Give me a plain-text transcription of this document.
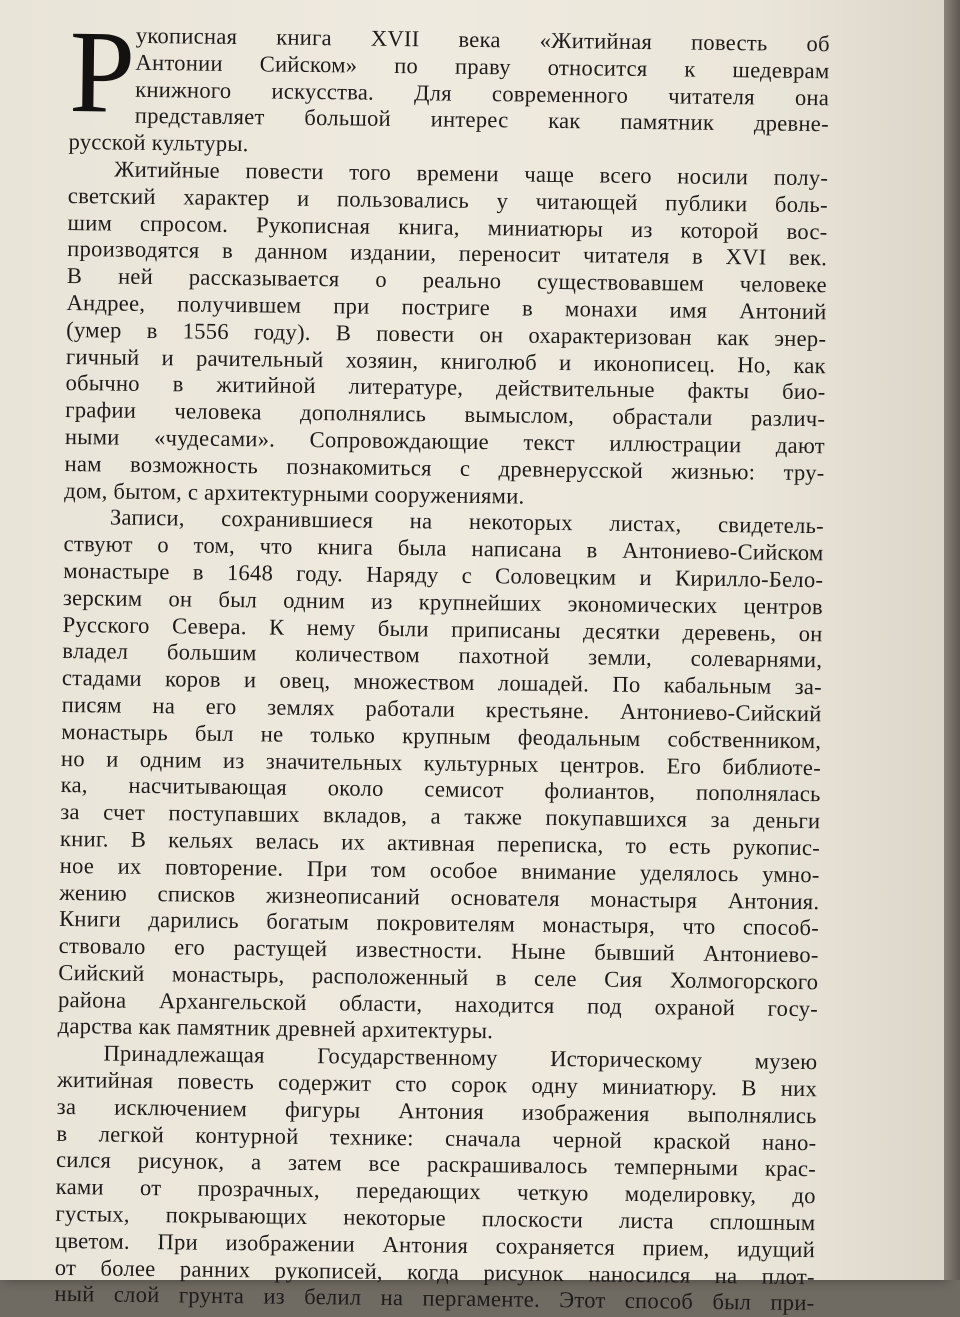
Р укописная книга XVII века «Житийная повесть об
Антонии Сийском» по праву относится к шедеврам
книжного искусства. Для современного читателя она
представляет большой интерес как памятник древне-
русской культуры.
Житийные повести того времени чаще всего носили полу-
светский характер и пользовались у читающей публики боль-
шим спросом. Рукописная книга, миниатюры из которой вос-
производятся в данном издании, переносит читателя в XVI век.
В ней рассказывается о реально существовавшем человеке
Андрее, получившем при постриге в монахи имя Антоний
(умер в 1556 году). В повести он охарактеризован как энер-
гичный и рачительный хозяин, книголюб и иконописец. Но, как
обычно в житийной литературе, действительные факты био-
графии человека дополнялись вымыслом, обрастали различ-
ными «чудесами». Сопровождающие текст иллюстрации дают
нам возможность познакомиться с древнерусской жизнью: тру-
дом, бытом, с архитектурными сооружениями.
Записи, сохранившиеся на некоторых листах, свидетель-
ствуют о том, что книга была написана в Антониево-Сийском
монастыре в 1648 году. Наряду с Соловецким и Кирилло-Бело-
зерским он был одним из крупнейших экономических центров
Русского Севера. К нему были приписаны десятки деревень, он
владел большим количеством пахотной земли, солеварнями,
стадами коров и овец, множеством лошадей. По кабальным за-
писям на его землях работали крестьяне. Антониево-Сийский
монастырь был не только крупным феодальным собственником,
но и одним из значительных культурных центров. Его библиоте-
ка, насчитывающая около семисот фолиантов, пополнялась
за счет поступавших вкладов, а также покупавшихся за деньги
книг. В кельях велась их активная переписка, то есть рукопис-
ное их повторение. При том особое внимание уделялось умно-
жению списков жизнеописаний основателя монастыря Антония.
Книги дарились богатым покровителям монастыря, что способ-
ствовало его растущей известности. Ныне бывший Антониево-
Сийский монастырь, расположенный в селе Сия Холмогорского
района Архангельской области, находится под охраной госу-
дарства как памятник древней архитектуры.
Принадлежащая Государственному Историческому музею
житийная повесть содержит сто сорок одну миниатюру. В них
за исключением фигуры Антония изображения выполнялись
в легкой контурной технике: сначала черной краской нано-
сился рисунок, а затем все раскрашивалось темперными крас-
ками от прозрачных, передающих четкую моделировку, до
густых, покрывающих некоторые плоскости листа сплошным
цветом. При изображении Антония сохраняется прием, идущий
от более ранних рукописей, когда рисунок наносился на плот-
ный слой грунта из белил на пергаменте. Этот способ был при-
